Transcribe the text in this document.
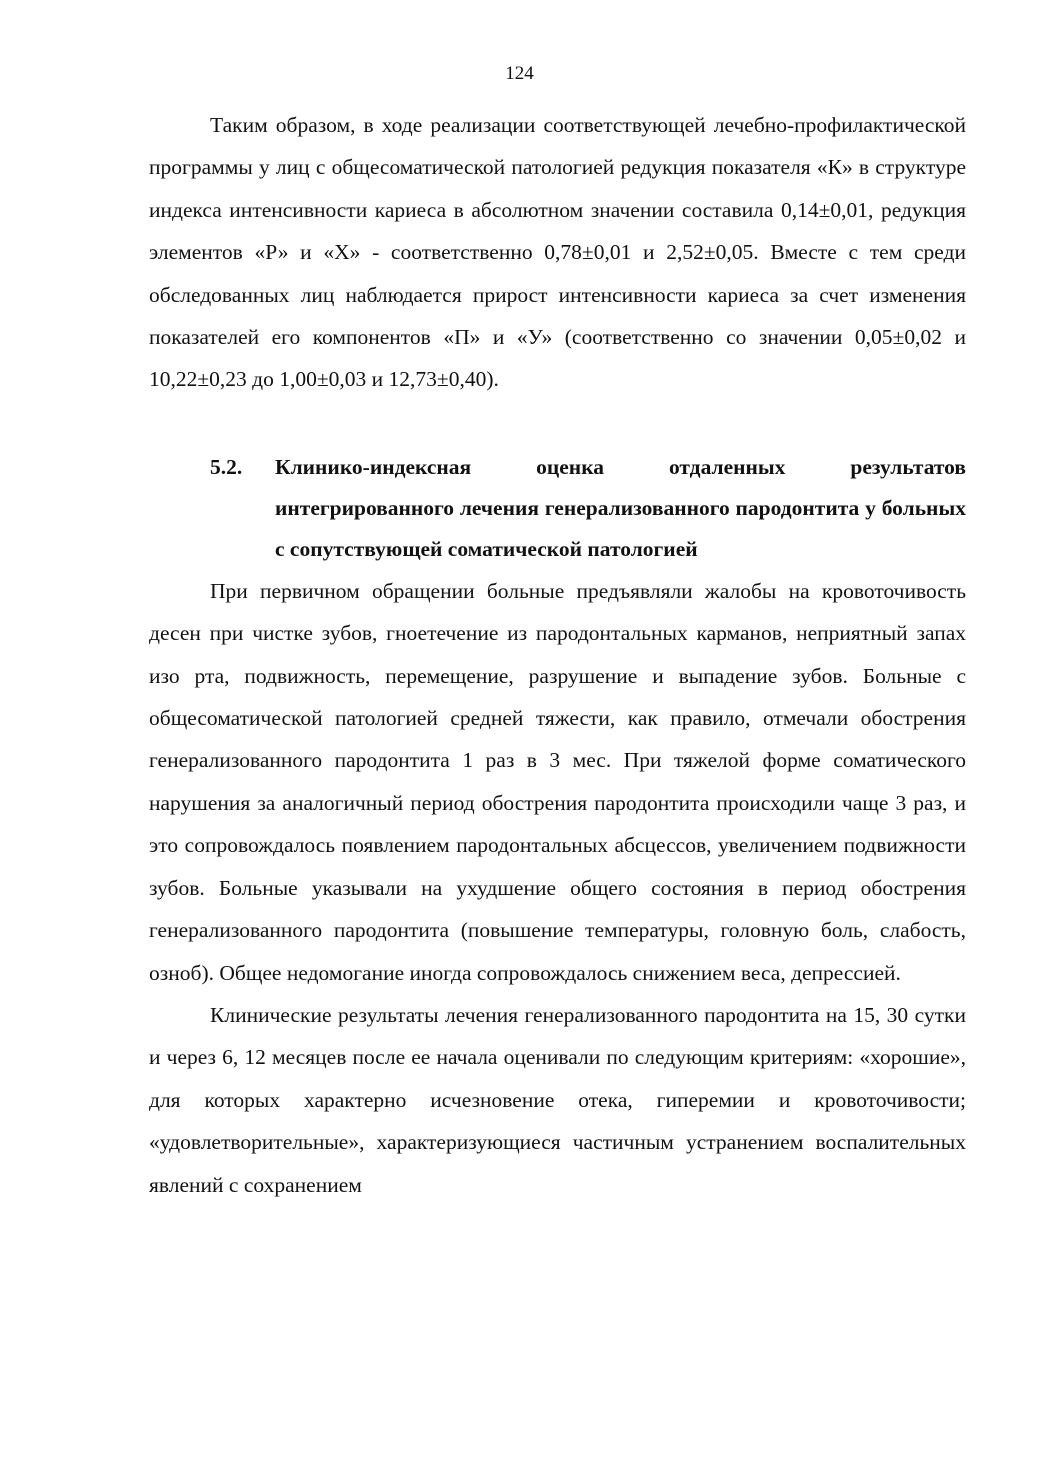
124

Таким образом, в ходе реализации соответствующей лечебно-профилактической программы у лиц с общесоматической патологией редукция показателя «К» в структуре индекса интенсивности кариеса в абсолютном значении составила 0,14±0,01, редукция элементов «Р» и «Х» - соответственно 0,78±0,01 и 2,52±0,05. Вместе с тем среди обследованных лиц наблюдается прирост интенсивности кариеса за счет изменения показателей его компонентов «П» и «У» (соответственно со значении 0,05±0,02 и 10,22±0,23 до 1,00±0,03 и 12,73±0,40).

5.2.	Клинико-индексная оценка отдаленных результатов интегрированного лечения генерализованного пародонтита у больных с сопутствующей соматической патологией

При первичном обращении больные предъявляли жалобы на кровоточивость десен при чистке зубов, гноетечение из пародонтальных карманов, неприятный запах изо рта, подвижность, перемещение, разрушение и выпадение зубов. Больные с общесоматической патологией средней тяжести, как правило, отмечали обострения генерализованного пародонтита 1 раз в 3 мес. При тяжелой форме соматического нарушения за аналогичный период обострения пародонтита происходили чаще 3 раз, и это сопровождалось появлением пародонтальных абсцессов, увеличением подвижности зубов. Больные указывали на ухудшение общего состояния в период обострения генерализованного пародонтита (повышение температуры, головную боль, слабость, озноб). Общее недомогание иногда сопровождалось снижением веса, депрессией.

Клинические результаты лечения генерализованного пародонтита на 15, 30 сутки и через 6, 12 месяцев после ее начала оценивали по следующим критериям: «хорошие», для которых характерно исчезновение отека, гиперемии и кровоточивости; «удовлетворительные», характеризующиеся частичным устранением воспалительных явлений с сохранением
